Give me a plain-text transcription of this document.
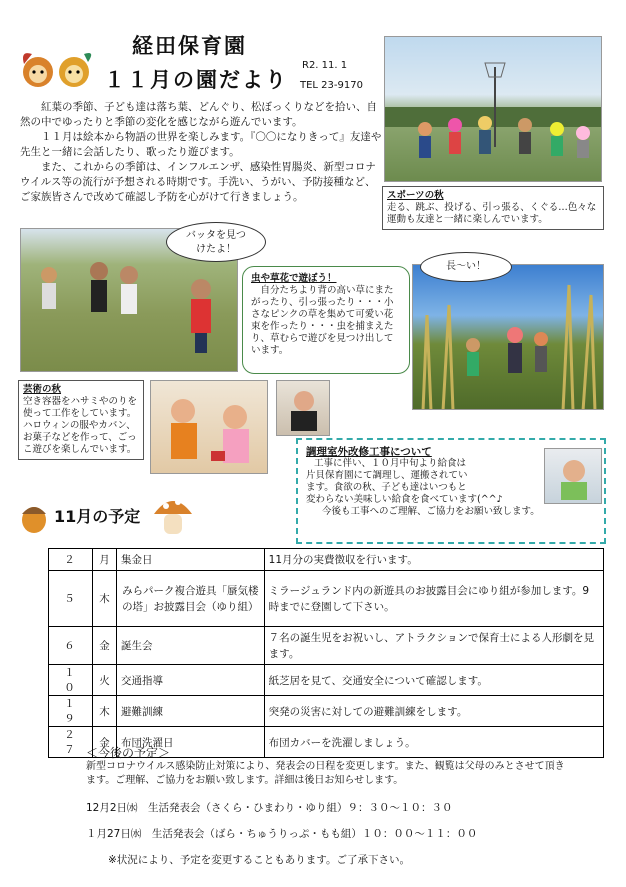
経田保育園
１１月の園だより
R2. 11. 1
TEL 23-9170

紅葉の季節、子ども達は落ち葉、どんぐり、松ぼっくりなどを拾い、自然の中でゆったりと季節の変化を感じながら遊んでいます。

１１月は絵本から物語の世界を楽しみます。『〇〇になりきって』友達や先生と一緒に会話したり、歌ったり遊びます。

また、これからの季節は、インフルエンザ、感染性胃腸炎、新型コロナウイルス等の流行が予想される時期です。手洗い、うがい、予防接種など、ご家族皆さんで改めて確認し予防を心がけて行きましょう。	スポーツの秋
走る、跳ぶ、投げる、引っ張る、くぐる…色々な運動も友達と一緒に楽しんでいます。
バッタを見つけたよ！
虫や草花で遊ぼう！
自分たちより背の高い草にまたがったり、引っ張ったり・・・小さなピンクの草を集めて可愛い花束を作ったり・・・虫を捕まえたり、草むらで遊びを見つけ出しています。
長〜い！
芸術の秋
空き容器をハサミやのりを使って工作をしています。ハロウィンの服やカバン、お菓子などを作って、ごっこ遊びを楽しんでいます。	調理室外改修工事について
工事に伴い、１０月中旬より給食は
片貝保育園にて調理し、運搬されてい
ます。食欲の秋、子ども達はいつもと
変わらない美味しい給食を食べています(^^♪
今後も工事へのご理解、ご協力をお願い致します。
11月の予定
２	月	集金日	11月分の実費徴収を行います。
５	木	みらパーク複合遊具「蜃気楼の塔」お披露目会（ゆり組）	ミラージュランド内の新遊具のお披露目会にゆり組が参加します。9時までに登園して下さい。
６	金	誕生会	７名の誕生児をお祝いし、アトラクションで保育士による人形劇を見ます。
１０	火	交通指導	紙芝居を見て、交通安全について確認します。
１９	木	避難訓練	突発の災害に対しての避難訓練をします。
２７	金	布団洗濯日	布団カバーを洗濯しましょう。
＜今後の予定＞
新型コロナウイルス感染防止対策により、発表会の日程を変更します。また、観覧は父母のみとさせて頂きます。ご理解、ご協力をお願い致します。詳細は後日お知らせします。
12月2日㈬　生活発表会（さくら・ひまわり・ゆり組）９：３０～１０：３０
１月27日㈬　生活発表会（ばら・ちゅうりっぷ・もも組）１０：００～１１：００
※状況により、予定を変更することもあります。ご了承下さい。
